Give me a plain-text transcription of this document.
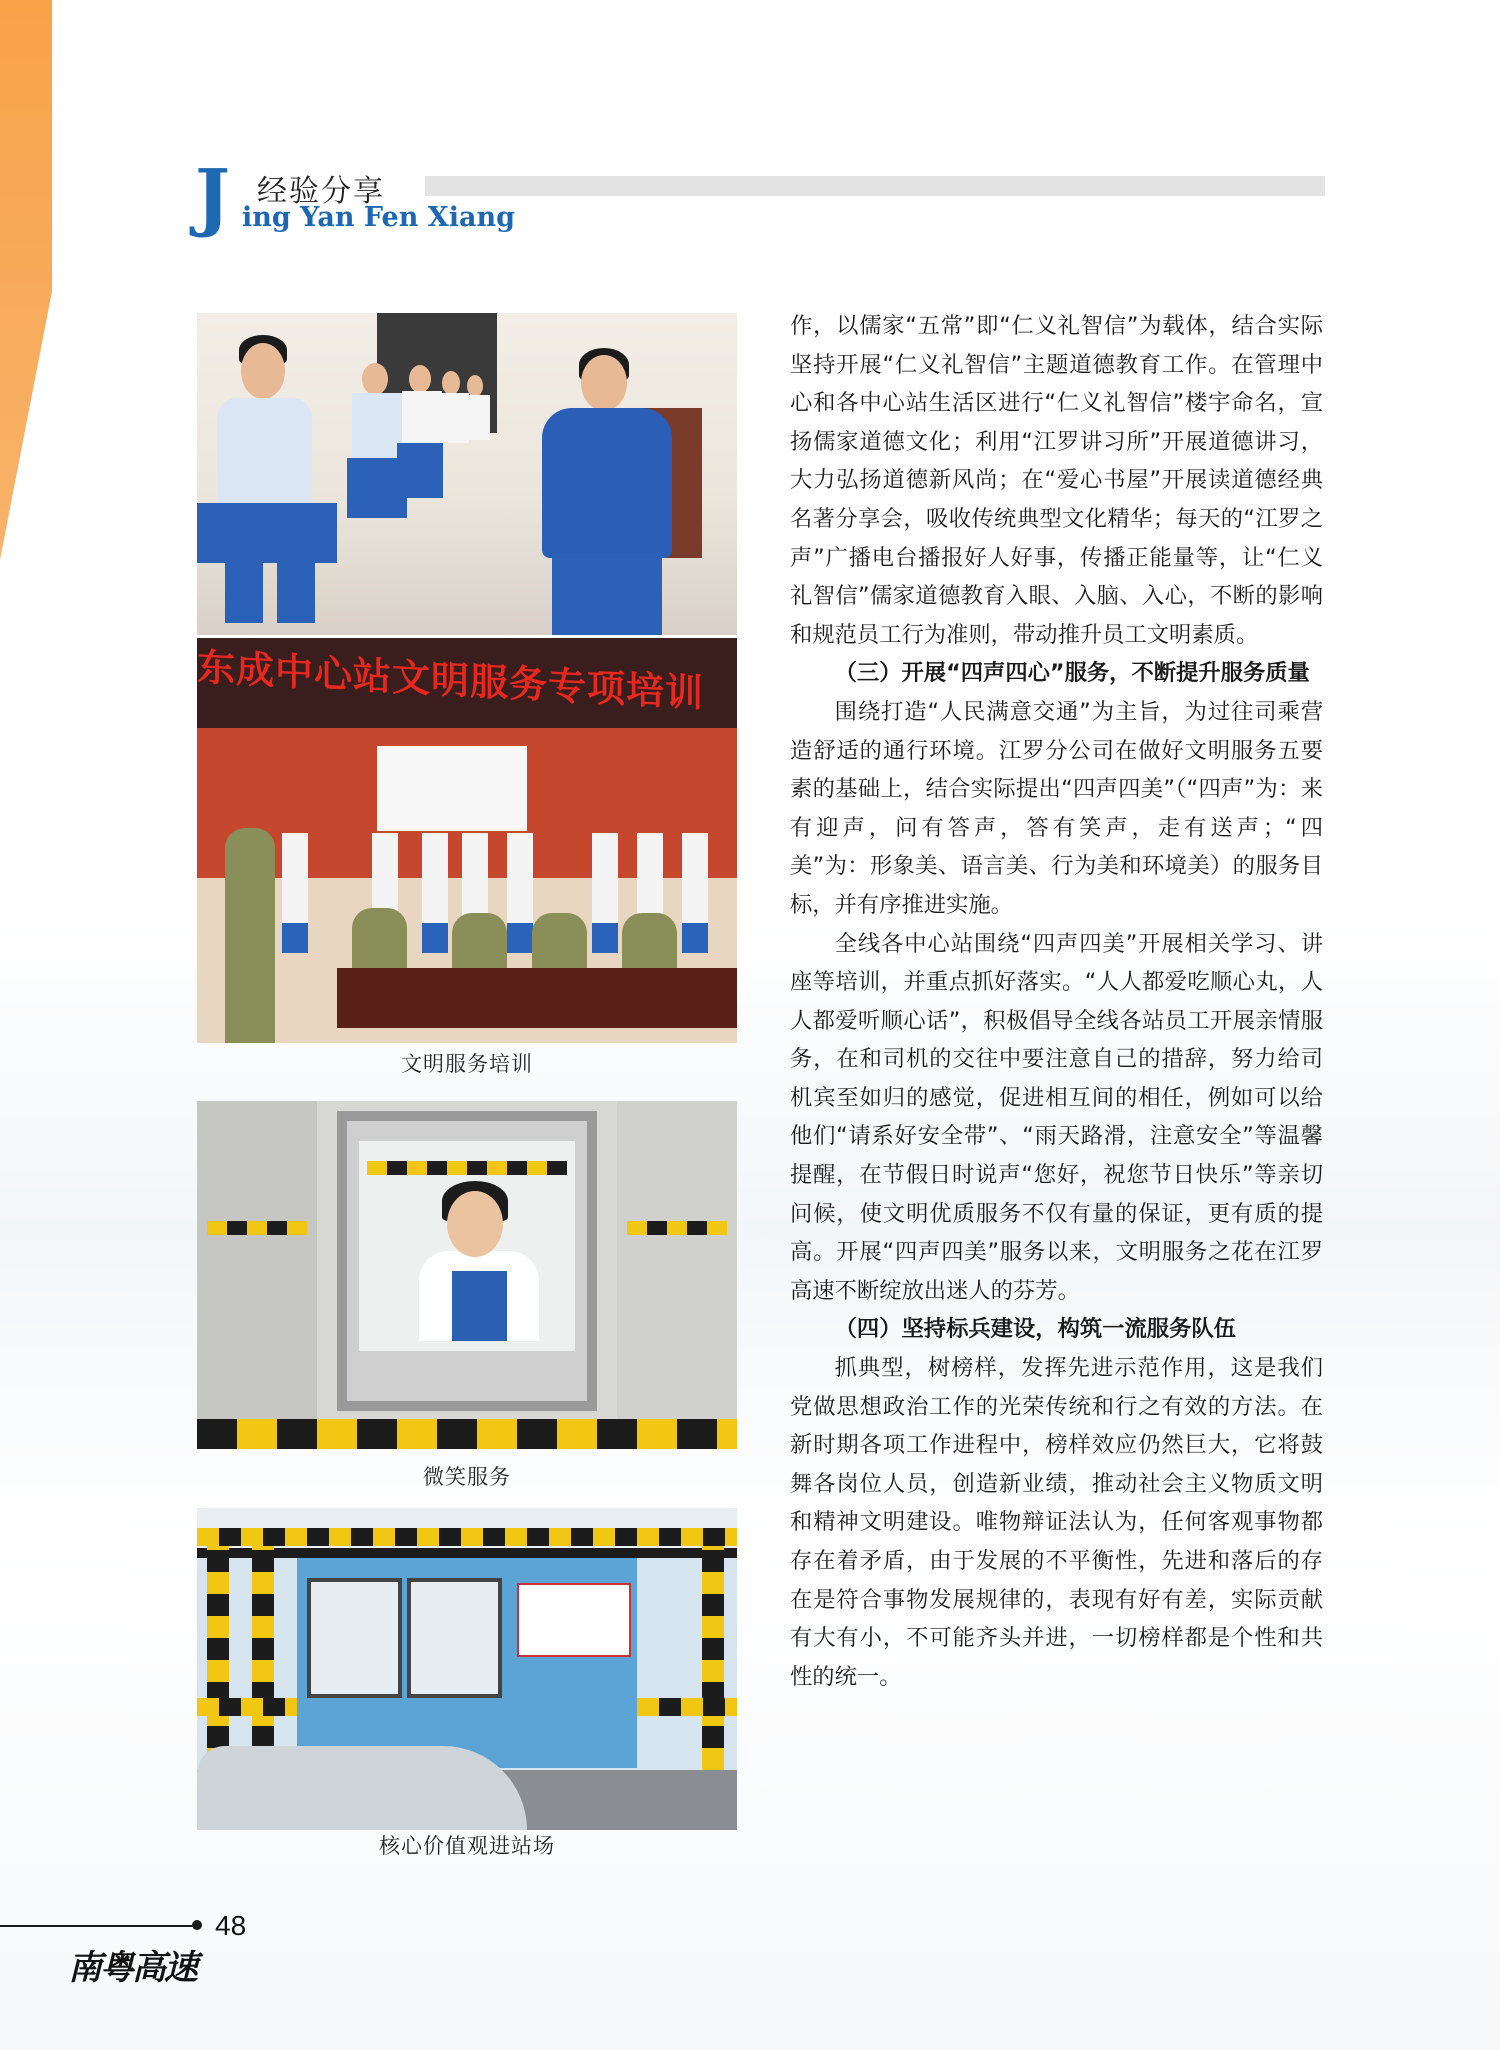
J 经验分享
ing Yan Fen Xiang
东成中心站文明服务专项培训
文明服务培训
微笑服务
核心价值观进站场

作，以儒家“五常”即“仁义礼智信”为载体，结合实际坚持开展“仁义礼智信”主题道德教育工作。在管理中心和各中心站生活区进行“仁义礼智信”楼宇命名，宣扬儒家道德文化；利用“江罗讲习所”开展道德讲习，大力弘扬道德新风尚；在“爱心书屋”开展读道德经典名著分享会，吸收传统典型文化精华；每天的“江罗之声”广播电台播报好人好事，传播正能量等，让“仁义礼智信”儒家道德教育入眼、入脑、入心，不断的影响和规范员工行为准则，带动推升员工文明素质。

（三）开展“四声四心”服务，不断提升服务质量

围绕打造“人民满意交通”为主旨，为过往司乘营造舒适的通行环境。江罗分公司在做好文明服务五要素的基础上，结合实际提出“四声四美”（“四声”为：来有迎声，问有答声，答有笑声，走有送声；“四美”为：形象美、语言美、行为美和环境美）的服务目标，并有序推进实施。

全线各中心站围绕“四声四美”开展相关学习、讲座等培训，并重点抓好落实。“人人都爱吃顺心丸，人人都爱听顺心话”，积极倡导全线各站员工开展亲情服务，在和司机的交往中要注意自己的措辞，努力给司机宾至如归的感觉，促进相互间的相任，例如可以给他们“请系好安全带”、“雨天路滑，注意安全”等温馨提醒，在节假日时说声“您好，祝您节日快乐”等亲切问候，使文明优质服务不仅有量的保证，更有质的提高。开展“四声四美”服务以来，文明服务之花在江罗高速不断绽放出迷人的芬芳。

（四）坚持标兵建设，构筑一流服务队伍

抓典型，树榜样，发挥先进示范作用，这是我们党做思想政治工作的光荣传统和行之有效的方法。在新时期各项工作进程中，榜样效应仍然巨大，它将鼓舞各岗位人员，创造新业绩，推动社会主义物质文明和精神文明建设。唯物辩证法认为，任何客观事物都存在着矛盾，由于发展的不平衡性，先进和落后的存在是符合事物发展规律的，表现有好有差，实际贡献有大有小，不可能齐头并进，一切榜样都是个性和共性的统一。

48
南粤高速
